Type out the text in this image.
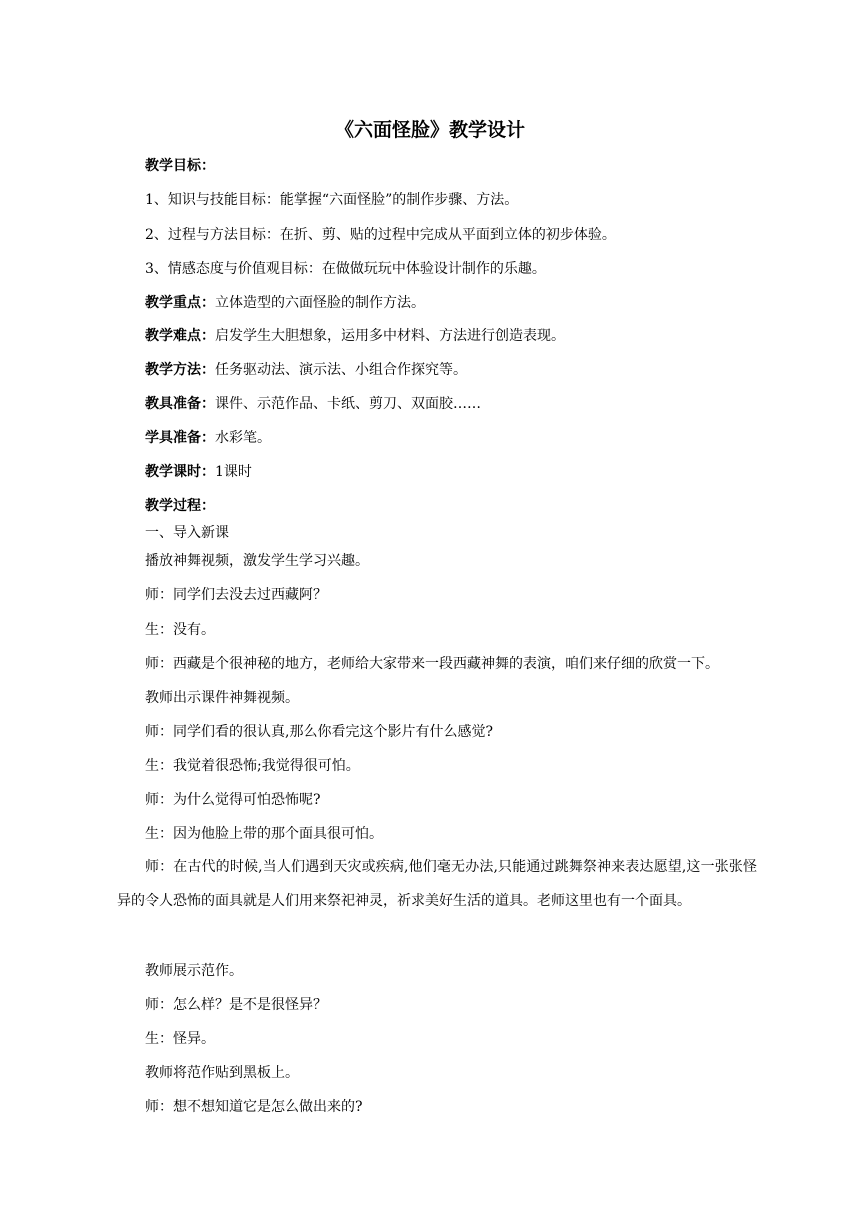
《六面怪脸》教学设计
教学目标：
1、知识与技能目标：能掌握“六面怪脸”的制作步骤、方法。
2、过程与方法目标：在折、剪、贴的过程中完成从平面到立体的初步体验。
3、情感态度与价值观目标：在做做玩玩中体验设计制作的乐趣。
教学重点：立体造型的六面怪脸的制作方法。
教学难点：启发学生大胆想象，运用多中材料、方法进行创造表现。
教学方法：任务驱动法、演示法、小组合作探究等。
教具准备：课件、示范作品、卡纸、剪刀、双面胶……
学具准备：水彩笔。
教学课时：1课时
教学过程：
一、导入新课
播放神舞视频，激发学生学习兴趣。
师：同学们去没去过西藏阿？
生：没有。
师：西藏是个很神秘的地方，老师给大家带来一段西藏神舞的表演，咱们来仔细的欣赏一下。
教师出示课件神舞视频。
师：同学们看的很认真,那么你看完这个影片有什么感觉?
生：我觉着很恐怖;我觉得很可怕。
师：为什么觉得可怕恐怖呢?
生：因为他脸上带的那个面具很可怕。
师：在古代的时候,当人们遇到天灾或疾病,他们毫无办法,只能通过跳舞祭神来表达愿望,这一张张怪异的令人恐怖的面具就是人们用来祭祀神灵，祈求美好生活的道具。老师这里也有一个面具。
教师展示范作。
师：怎么样？是不是很怪异？
生：怪异。
教师将范作贴到黑板上。
师：想不想知道它是怎么做出来的?
